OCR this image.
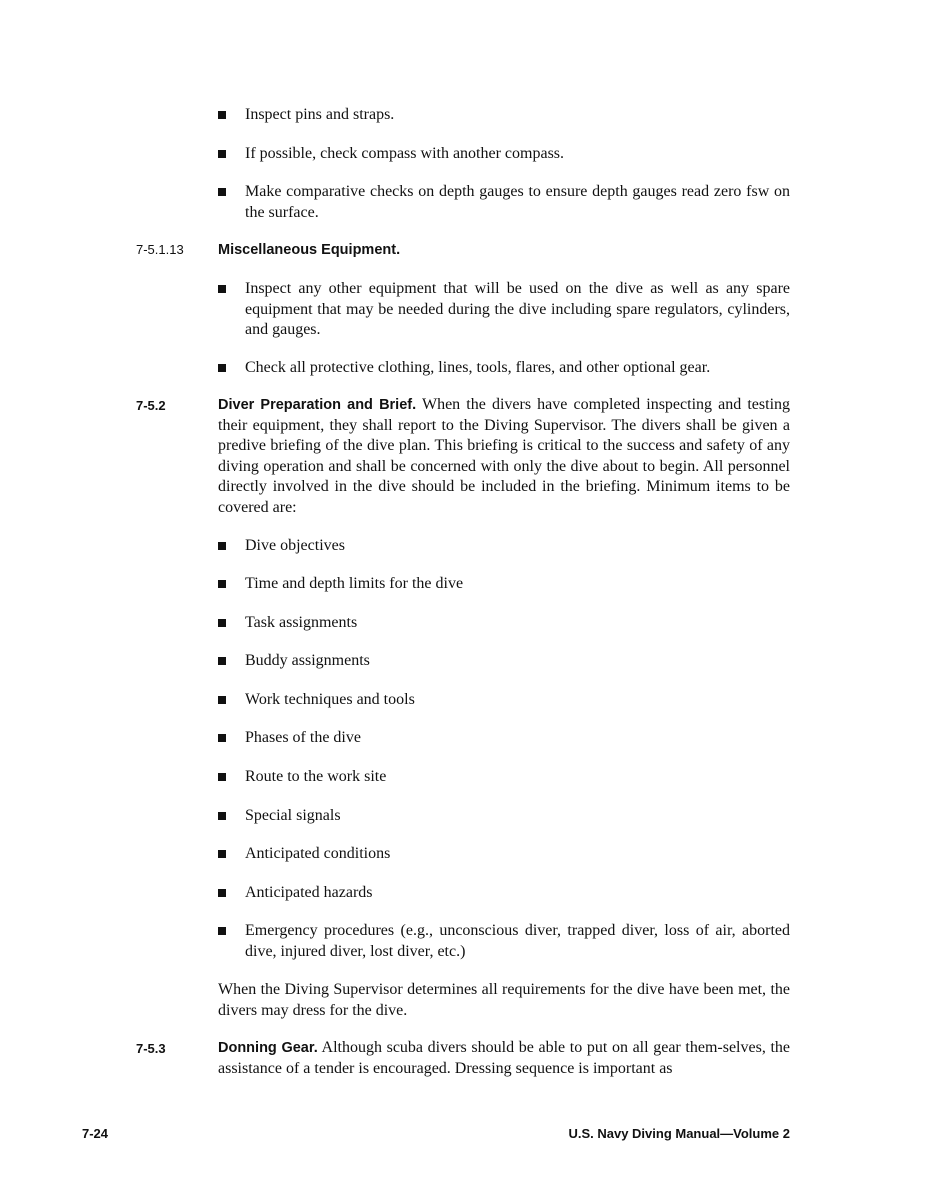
Inspect pins and straps.
If possible, check compass with another compass.
Make comparative checks on depth gauges to ensure depth gauges read zero fsw on the surface.
7-5.1.13 Miscellaneous Equipment.
Inspect any other equipment that will be used on the dive as well as any spare equipment that may be needed during the dive including spare regulators, cylinders, and gauges.
Check all protective clothing, lines, tools, flares, and other optional gear.
7-5.2	Diver Preparation and Brief. When the divers have completed inspecting and testing their equipment, they shall report to the Diving Supervisor. The divers shall be given a predive briefing of the dive plan. This briefing is critical to the success and safety of any diving operation and shall be concerned with only the dive about to begin. All personnel directly involved in the dive should be included in the briefing. Minimum items to be covered are:
Dive objectives
Time and depth limits for the dive
Task assignments
Buddy assignments
Work techniques and tools
Phases of the dive
Route to the work site
Special signals
Anticipated conditions
Anticipated hazards
Emergency procedures (e.g., unconscious diver, trapped diver, loss of air, aborted dive, injured diver, lost diver, etc.)
When the Diving Supervisor determines all requirements for the dive have been met, the divers may dress for the dive.
7-5.3	Donning Gear. Although scuba divers should be able to put on all gear them-selves, the assistance of a tender is encouraged. Dressing sequence is important as
7-24	U.S. Navy Diving Manual—Volume 2
